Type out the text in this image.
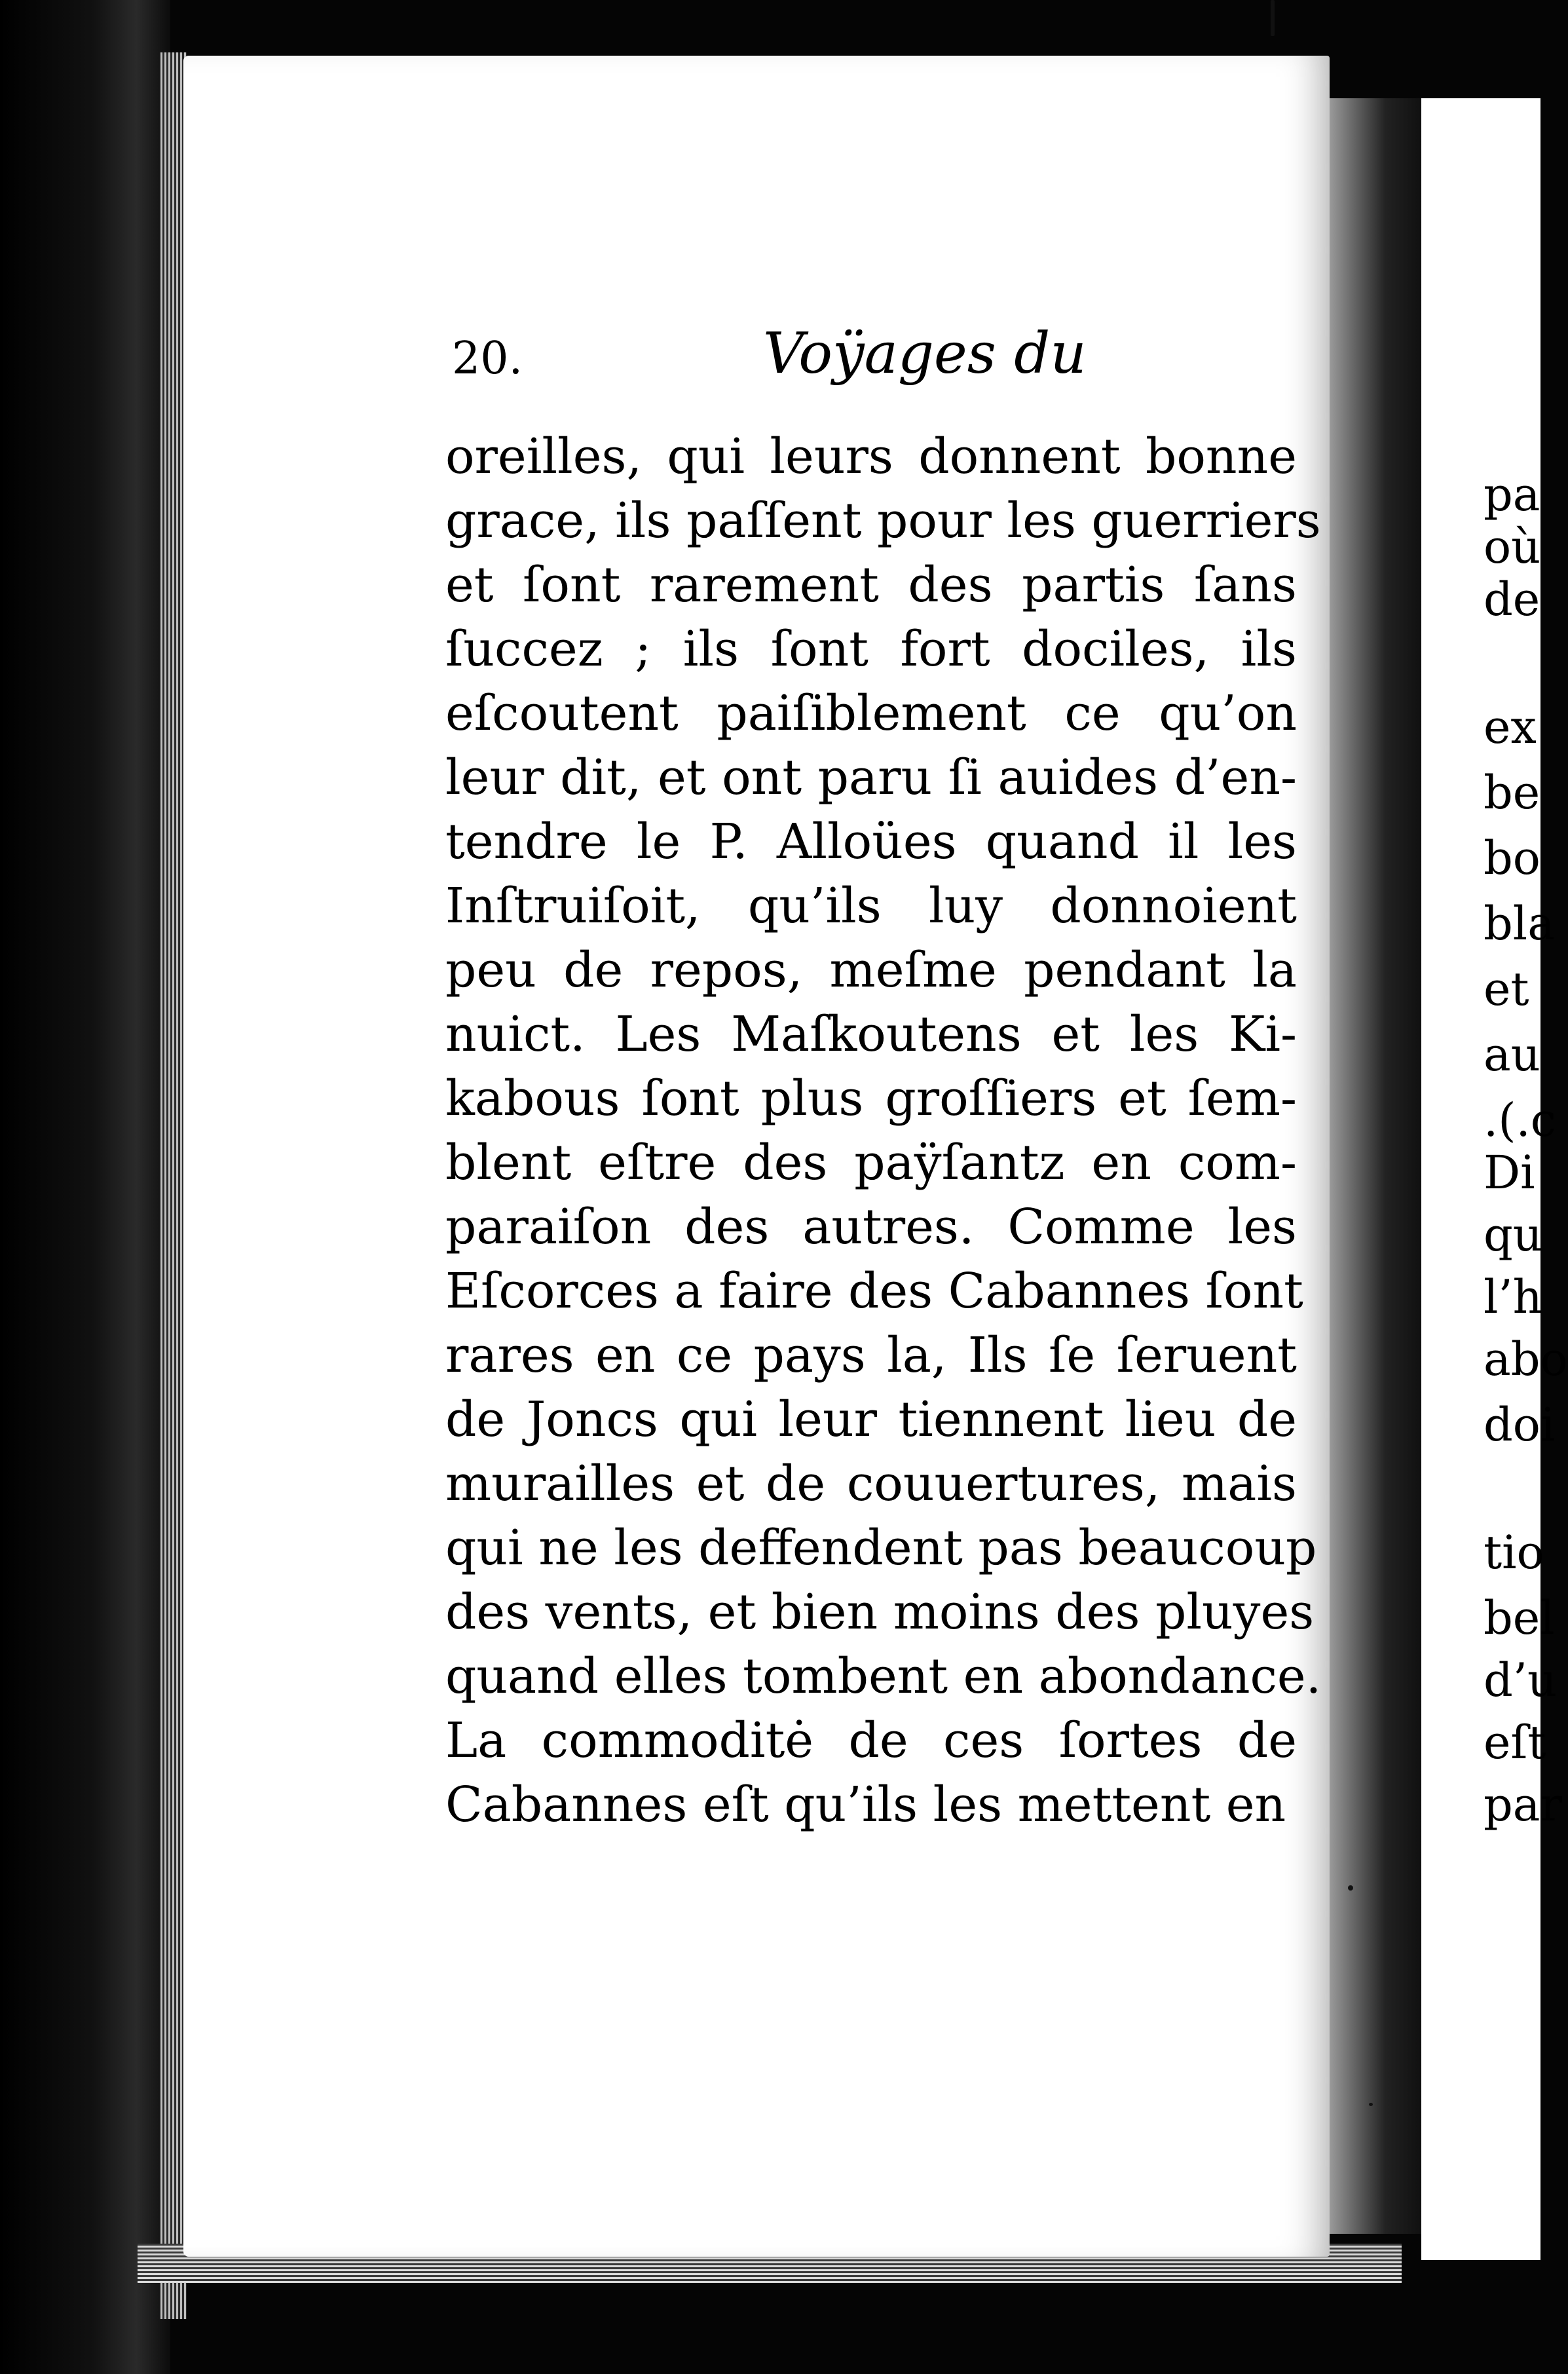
pa
où
de
ex
be
bo
bla
et
au
.(.c
Di
qu
l’h
abo
doi
tio
bel
d’u
eſt
par
20.	Voÿages du
oreilles, qui leurs donnent bonne
grace, ils paſſent pour les guerriers
et ſont rarement des partis ſans
ſuccez ; ils ſont fort dociles, ils
eſcoutent paiſiblement ce qu’on
leur dit, et ont paru ſi auides d’en-
tendre le P. Alloües quand il les
Inſtruiſoit, qu’ils luy donnoient
peu de repos, meſme pendant la
nuict. Les Maſkoutens et les Ki-
kabous ſont plus groſſiers et ſem-
blent eſtre des paÿſantz en com-
paraiſon des autres. Comme les
Eſcorces a faire des Cabannes ſont
rares en ce pays la, Ils ſe ſeruent
de Joncs qui leur tiennent lieu de
murailles et de couuertures, mais
qui ne les deffendent pas beaucoup
des vents, et bien moins des pluyes
quand elles tombent en abondance.
La commoditė de ces ſortes de
Cabannes eſt qu’ils les mettent en
